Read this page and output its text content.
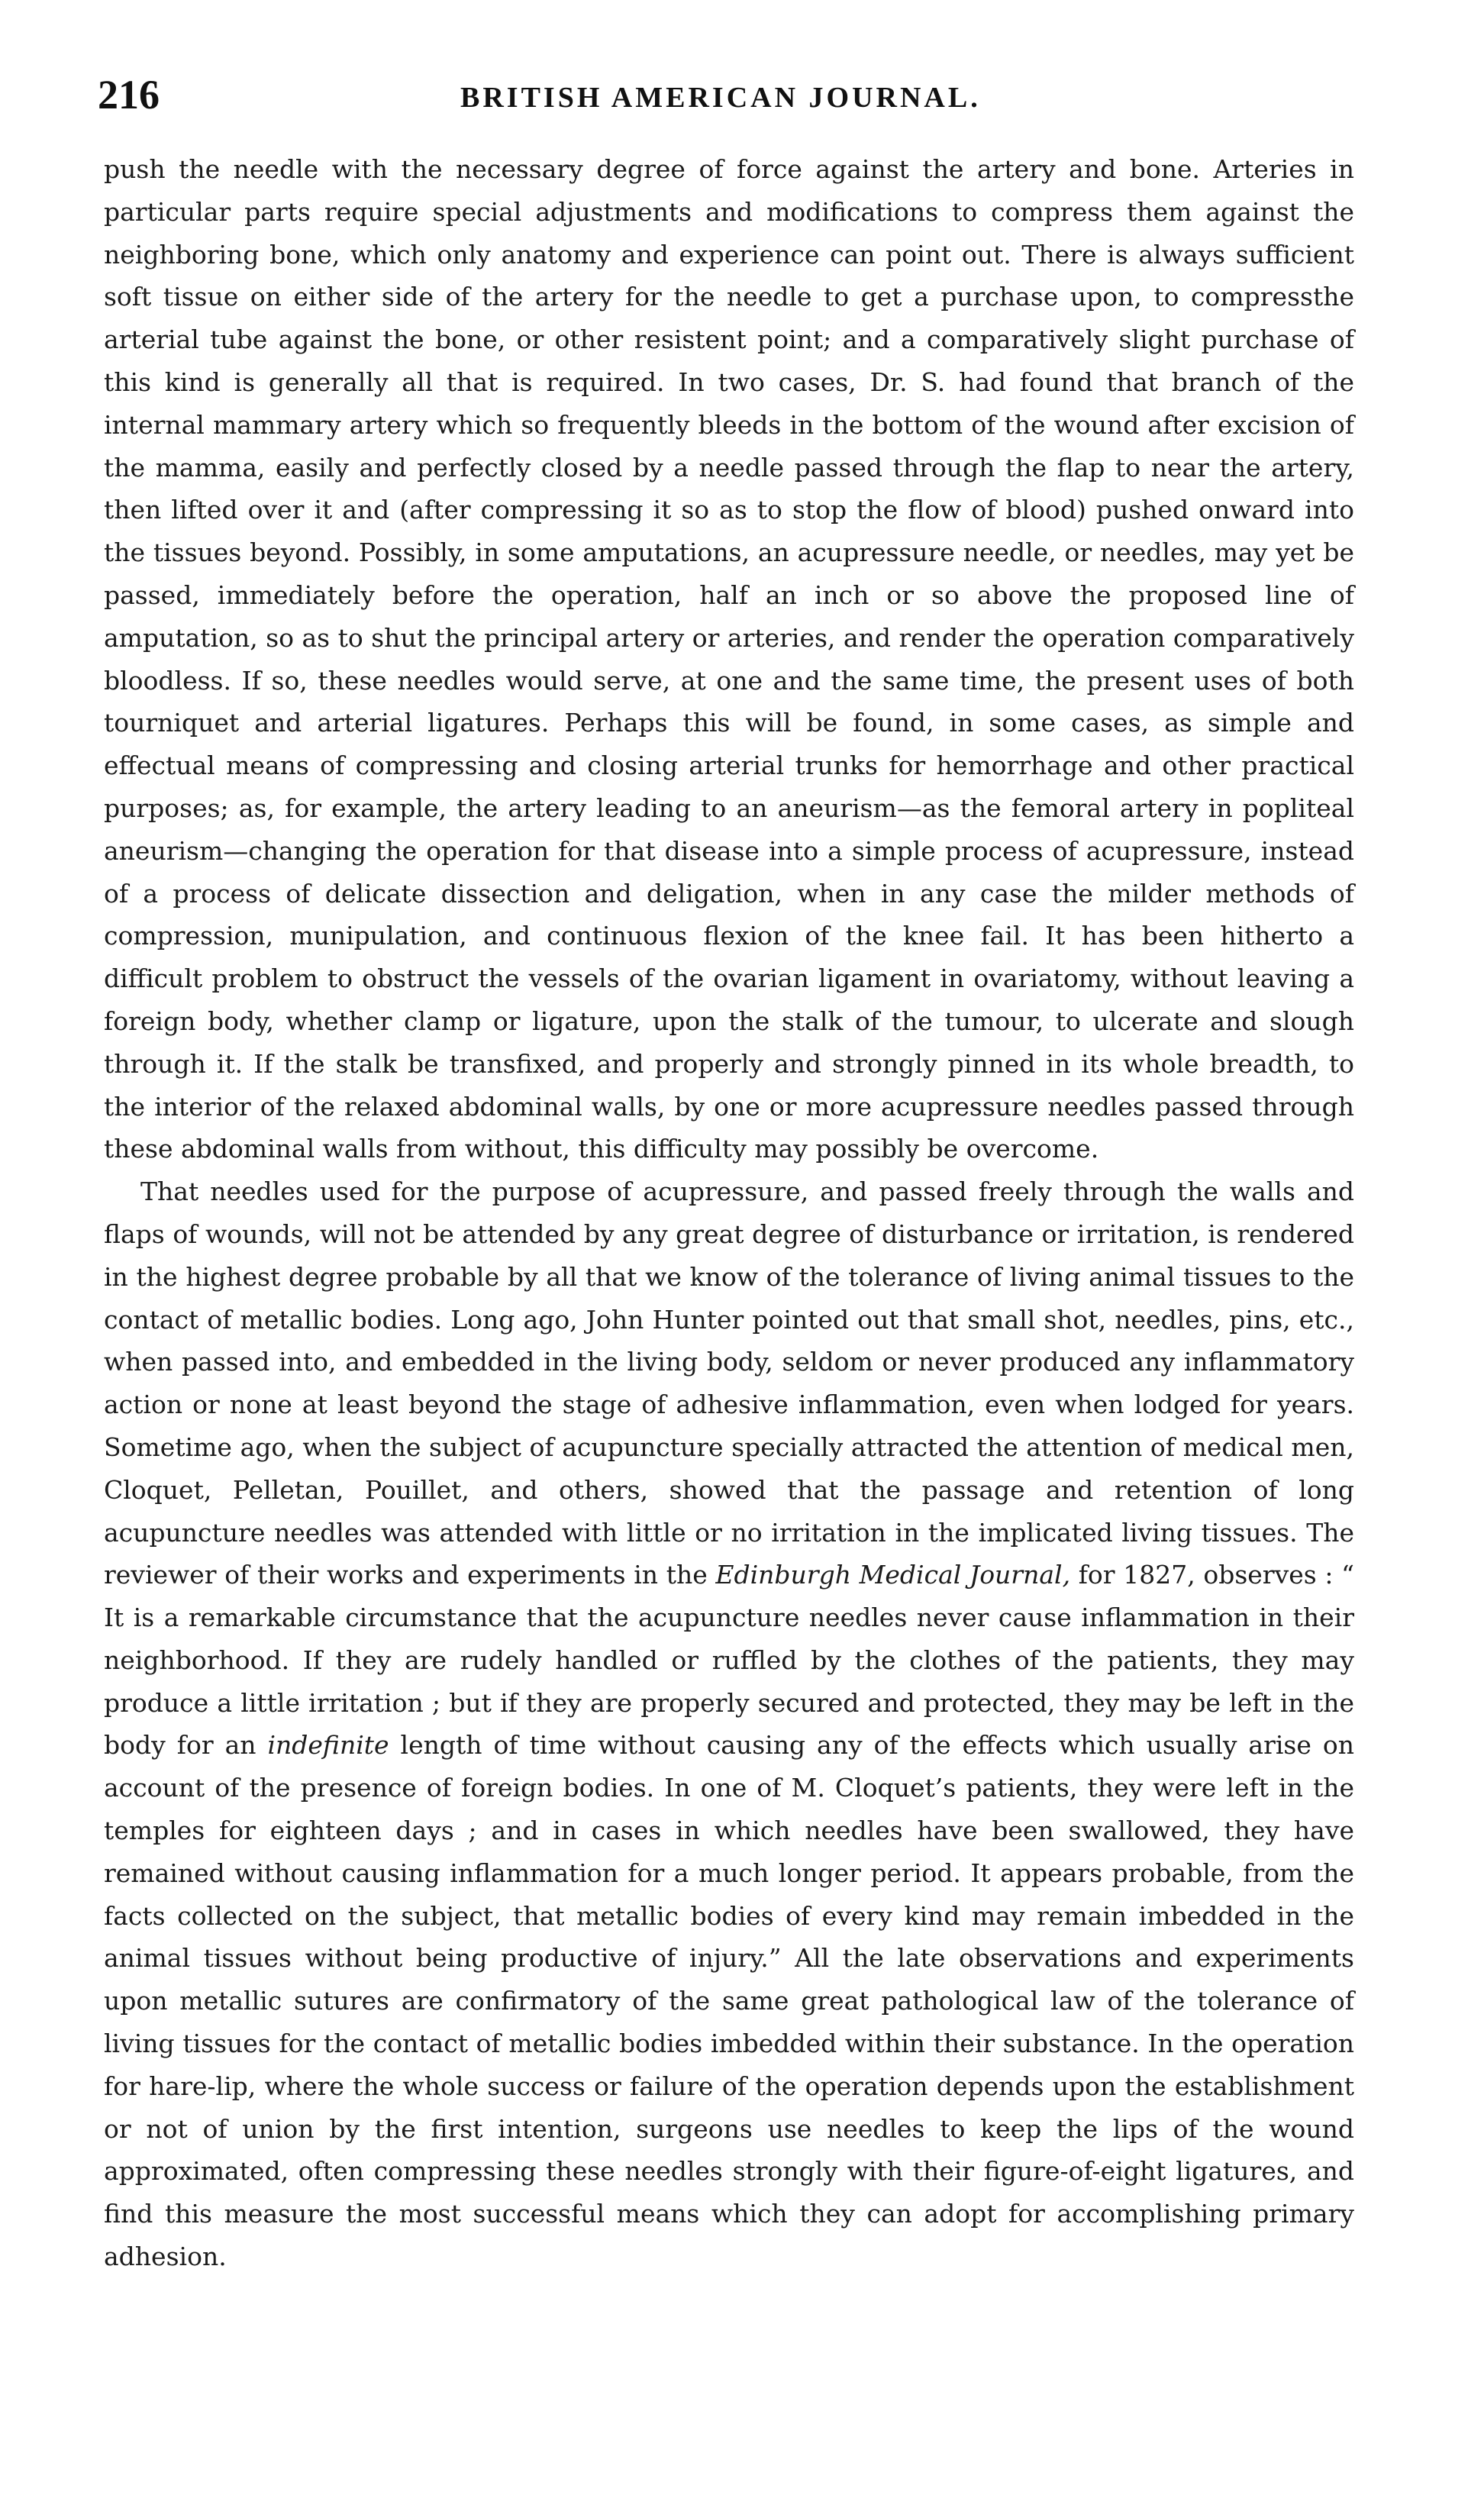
216	BRITISH AMERICAN JOURNAL.

push the needle with the necessary degree of force against the artery and bone. Arteries in particular parts require special adjustments and modifications to compress them against the neighboring bone, which only anatomy and experience can point out. There is always sufficient soft tissue on either side of the artery for the needle to get a purchase upon, to compressthe arterial tube against the bone, or other resistent point; and a comparatively slight purchase of this kind is generally all that is required. In two cases, Dr. S. had found that branch of the internal mammary artery which so frequently bleeds in the bottom of the wound after excision of the mamma, easily and perfectly closed by a needle passed through the flap to near the artery, then lifted over it and (after compressing it so as to stop the flow of blood) pushed onward into the tissues beyond. Possibly, in some amputations, an acupressure needle, or needles, may yet be passed, immediately before the operation, half an inch or so above the proposed line of amputation, so as to shut the principal artery or arteries, and render the operation comparatively bloodless. If so, these needles would serve, at one and the same time, the present uses of both tourniquet and arterial ligatures. Perhaps this will be found, in some cases, as simple and effectual means of compressing and closing arterial trunks for hemorrhage and other practical purposes; as, for example, the artery leading to an aneurism—as the femoral artery in popliteal aneurism—changing the operation for that disease into a simple process of acupressure, instead of a process of delicate dissection and deligation, when in any case the milder methods of compression, munipulation, and continuous flexion of the knee fail. It has been hitherto a difficult problem to obstruct the vessels of the ovarian ligament in ovariatomy, without leaving a foreign body, whether clamp or ligature, upon the stalk of the tumour, to ulcerate and slough through it. If the stalk be transfixed, and properly and strongly pinned in its whole breadth, to the interior of the relaxed abdominal walls, by one or more acupressure needles passed through these abdominal walls from without, this difficulty may possibly be overcome.

That needles used for the purpose of acupressure, and passed freely through the walls and flaps of wounds, will not be attended by any great degree of disturbance or irritation, is rendered in the highest degree probable by all that we know of the tolerance of living animal tissues to the contact of metallic bodies. Long ago, John Hunter pointed out that small shot, needles, pins, etc., when passed into, and embedded in the living body, seldom or never produced any inflammatory action or none at least beyond the stage of adhesive inflammation, even when lodged for years. Sometime ago, when the subject of acupuncture specially attracted the attention of medical men, Cloquet, Pelletan, Pouillet, and others, showed that the passage and retention of long acupuncture needles was attended with little or no irritation in the implicated living tissues. The reviewer of their works and experiments in the Edinburgh Medical Journal, for 1827, observes : “ It is a remarkable circumstance that the acupuncture needles never cause inflammation in their neighborhood. If they are rudely handled or ruffled by the clothes of the patients, they may produce a little irritation ; but if they are properly secured and protected, they may be left in the body for an indefinite length of time without causing any of the effects which usually arise on account of the presence of foreign bodies. In one of M. Cloquet’s patients, they were left in the temples for eighteen days ; and in cases in which needles have been swallowed, they have remained without causing inflammation for a much longer period. It appears probable, from the facts collected on the subject, that metallic bodies of every kind may remain imbedded in the animal tissues without being productive of injury.” All the late observations and experiments upon metallic sutures are confirmatory of the same great pathological law of the tolerance of living tissues for the contact of metallic bodies imbedded within their substance. In the operation for hare-lip, where the whole success or failure of the operation depends upon the establishment or not of union by the first intention, surgeons use needles to keep the lips of the wound approximated, often compressing these needles strongly with their figure-of-eight ligatures, and find this measure the most successful means which they can adopt for accomplishing primary adhesion.
